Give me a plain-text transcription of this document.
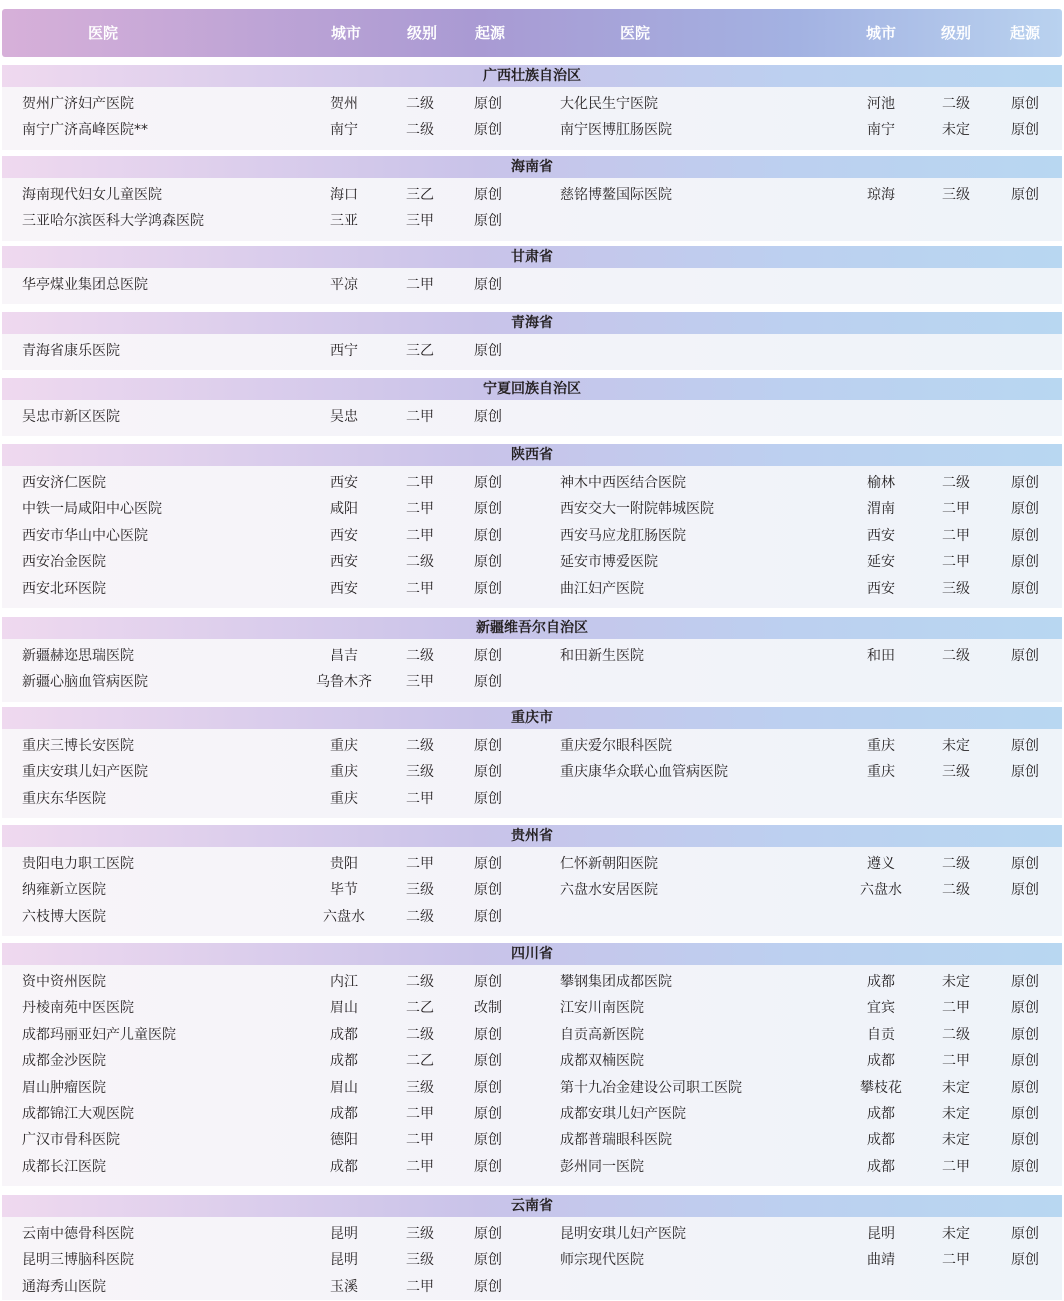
医院	城市	级别	起源	医院	城市	级别	起源
广西壮族自治区
贺州广济妇产医院	贺州	二级	原创	大化民生宁医院	河池	二级	原创
南宁广济高峰医院**	南宁	二级	原创	南宁医博肛肠医院	南宁	未定	原创
海南省
海南现代妇女儿童医院	海口	三乙	原创	慈铭博鳌国际医院	琼海	三级	原创
三亚哈尔滨医科大学鸿森医院	三亚	三甲	原创
甘肃省
华亭煤业集团总医院	平凉	二甲	原创
青海省
青海省康乐医院	西宁	三乙	原创
宁夏回族自治区
吴忠市新区医院	吴忠	二甲	原创
陕西省
西安济仁医院	西安	二甲	原创	神木中西医结合医院	榆林	二级	原创
中铁一局咸阳中心医院	咸阳	二甲	原创	西安交大一附院韩城医院	渭南	二甲	原创
西安市华山中心医院	西安	二甲	原创	西安马应龙肛肠医院	西安	二甲	原创
西安冶金医院	西安	二级	原创	延安市博爱医院	延安	二甲	原创
西安北环医院	西安	二甲	原创	曲江妇产医院	西安	三级	原创
新疆维吾尔自治区
新疆赫迩思瑞医院	昌吉	二级	原创	和田新生医院	和田	二级	原创
新疆心脑血管病医院	乌鲁木齐	三甲	原创
重庆市
重庆三博长安医院	重庆	二级	原创	重庆爱尔眼科医院	重庆	未定	原创
重庆安琪儿妇产医院	重庆	三级	原创	重庆康华众联心血管病医院	重庆	三级	原创
重庆东华医院	重庆	二甲	原创
贵州省
贵阳电力职工医院	贵阳	二甲	原创	仁怀新朝阳医院	遵义	二级	原创
纳雍新立医院	毕节	三级	原创	六盘水安居医院	六盘水	二级	原创
六枝博大医院	六盘水	二级	原创
四川省
资中资州医院	内江	二级	原创	攀钢集团成都医院	成都	未定	原创
丹棱南苑中医医院	眉山	二乙	改制	江安川南医院	宜宾	二甲	原创
成都玛丽亚妇产儿童医院	成都	二级	原创	自贡高新医院	自贡	二级	原创
成都金沙医院	成都	二乙	原创	成都双楠医院	成都	二甲	原创
眉山肿瘤医院	眉山	三级	原创	第十九冶金建设公司职工医院	攀枝花	未定	原创
成都锦江大观医院	成都	二甲	原创	成都安琪儿妇产医院	成都	未定	原创
广汉市骨科医院	德阳	二甲	原创	成都普瑞眼科医院	成都	未定	原创
成都长江医院	成都	二甲	原创	彭州同一医院	成都	二甲	原创
云南省
云南中德骨科医院	昆明	三级	原创	昆明安琪儿妇产医院	昆明	未定	原创
昆明三博脑科医院	昆明	三级	原创	师宗现代医院	曲靖	二甲	原创
通海秀山医院	玉溪	二甲	原创
